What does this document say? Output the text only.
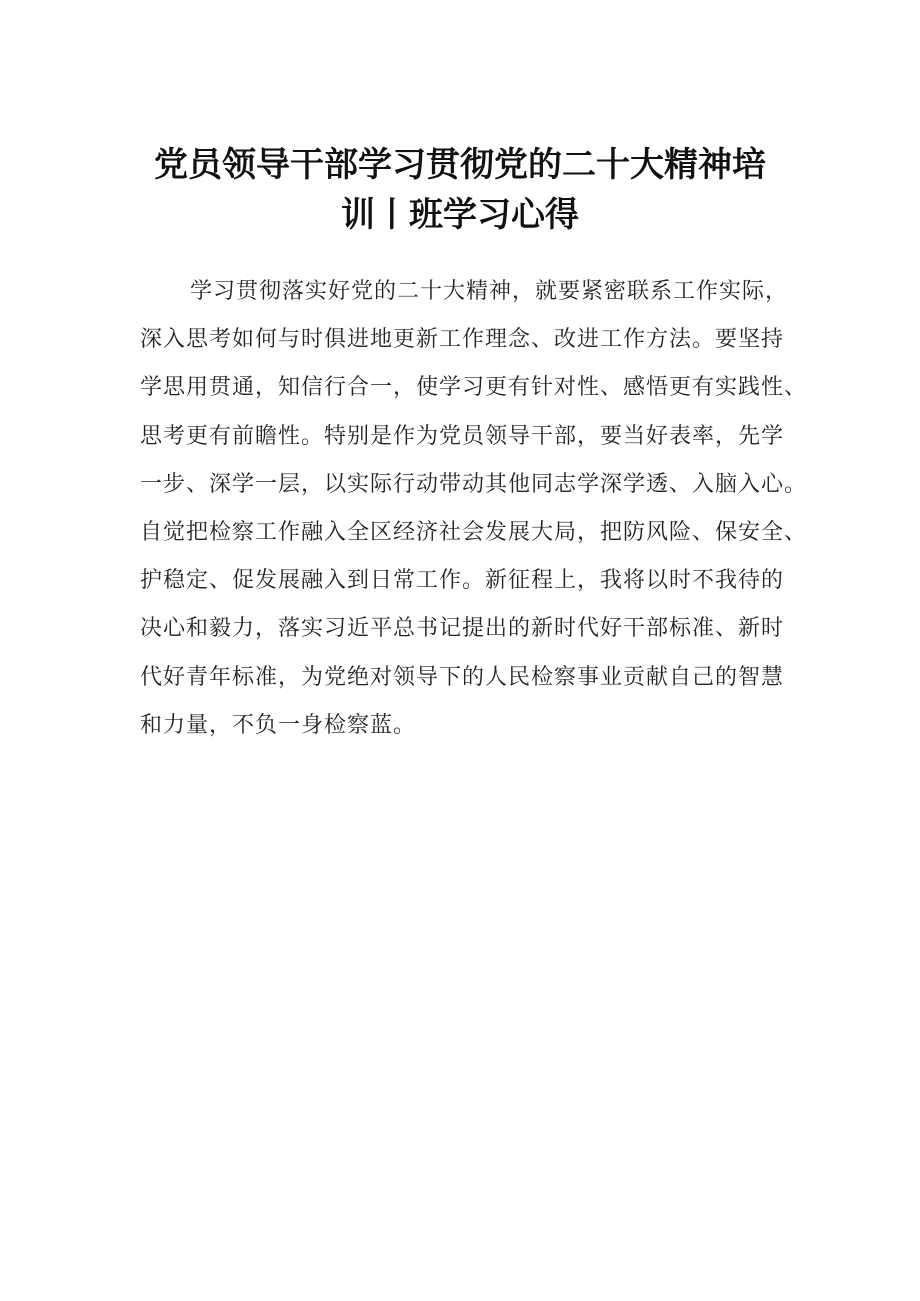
党员领导干部学习贯彻党的二十大精神培
训丨班学习心得
学习贯彻落实好党的二十大精神，就要紧密联系工作实际，
深入思考如何与时俱进地更新工作理念、改进工作方法。要坚持
学思用贯通，知信行合一，使学习更有针对性、感悟更有实践性、
思考更有前瞻性。特别是作为党员领导干部，要当好表率，先学
一步、深学一层，以实际行动带动其他同志学深学透、入脑入心。
自觉把检察工作融入全区经济社会发展大局，把防风险、保安全、
护稳定、促发展融入到日常工作。新征程上，我将以时不我待的
决心和毅力，落实习近平总书记提出的新时代好干部标准、新时
代好青年标准，为党绝对领导下的人民检察事业贡献自己的智慧
和力量，不负一身检察蓝。
